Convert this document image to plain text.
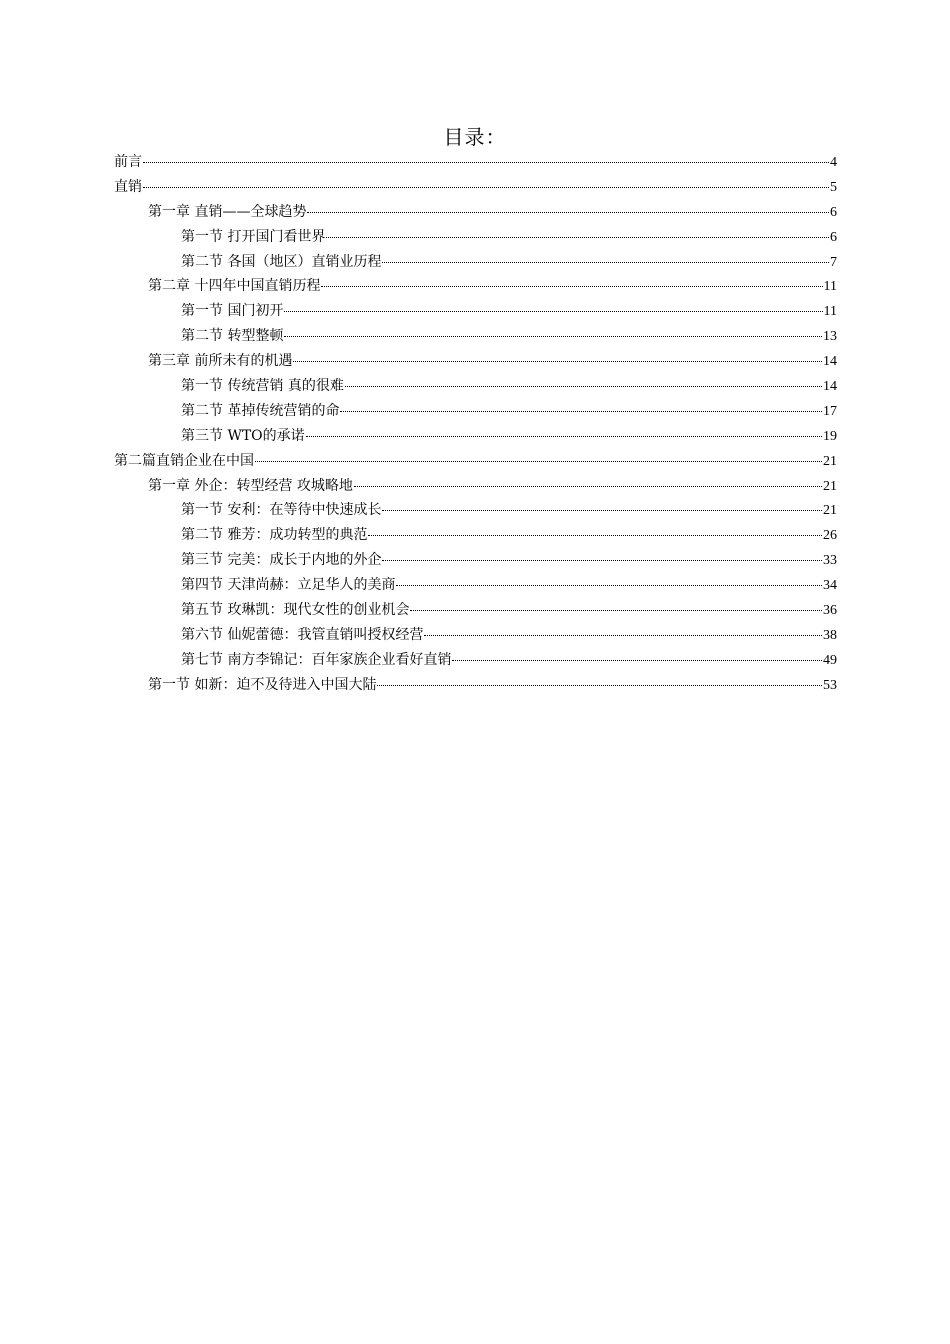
目录：
前言	4
直销	5
第一章 直销——全球趋势	6
第一节 打开国门看世界	6
第二节 各国（地区）直销业历程	7
第二章 十四年中国直销历程	11
第一节 国门初开	11
第二节 转型整顿	13
第三章 前所未有的机遇	14
第一节 传统营销 真的很难	14
第二节 革掉传统营销的命	17
第三节 WTO的承诺	19
第二篇直销企业在中国	21
第一章 外企：转型经营 攻城略地	21
第一节 安利：在等待中快速成长	21
第二节 雅芳：成功转型的典范	26
第三节 完美：成长于内地的外企	33
第四节 天津尚赫：立足华人的美商	34
第五节 玫琳凯：现代女性的创业机会	36
第六节 仙妮蕾德：我管直销叫授权经营	38
第七节 南方李锦记：百年家族企业看好直销	49
第一节 如新：迫不及待进入中国大陆	53
